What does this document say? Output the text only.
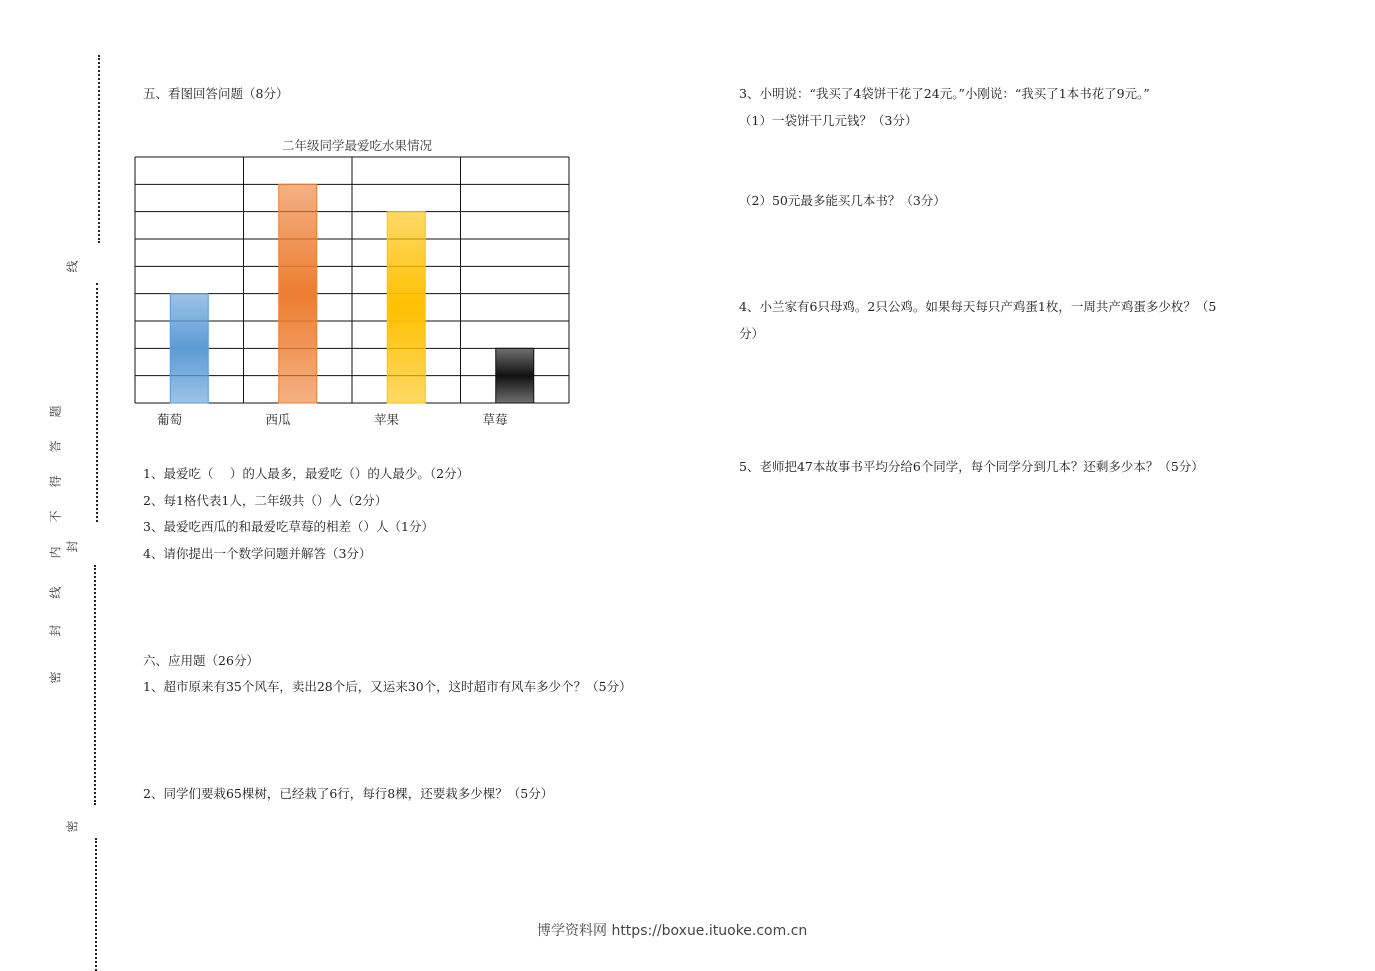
题
答
得
不
内
线
封
密
线
封
密
五、看图回答问题（8分）
二年级同学最爱吃水果情况
葡萄	西瓜	苹果	草莓
1、最爱吃（　 ）的人最多，最爱吃（）的人最少。（2分）
2、每1格代表1人，二年级共（）人（2分）
3、最爱吃西瓜的和最爱吃草莓的相差（）人（1分）
4、请你提出一个数学问题并解答（3分）
六、应用题（26分）
1、超市原来有35个风车，卖出28个后，又运来30个，这时超市有风车多少个？（5分）
2、同学们要栽65棵树，已经栽了6行，每行8棵，还要栽多少棵？（5分）
3、小明说：“我买了4袋饼干花了24元。”小刚说：“我买了1本书花了9元。”
（1）一袋饼干几元钱？（3分）
（2）50元最多能买几本书？（3分）
4、小兰家有6只母鸡。2只公鸡。如果每天每只产鸡蛋1枚，一周共产鸡蛋多少枚？（5
分）
5、老师把47本故事书平均分给6个同学，每个同学分到几本？还剩多少本？（5分）
博学资料网 https://boxue.ituoke.com.cn
